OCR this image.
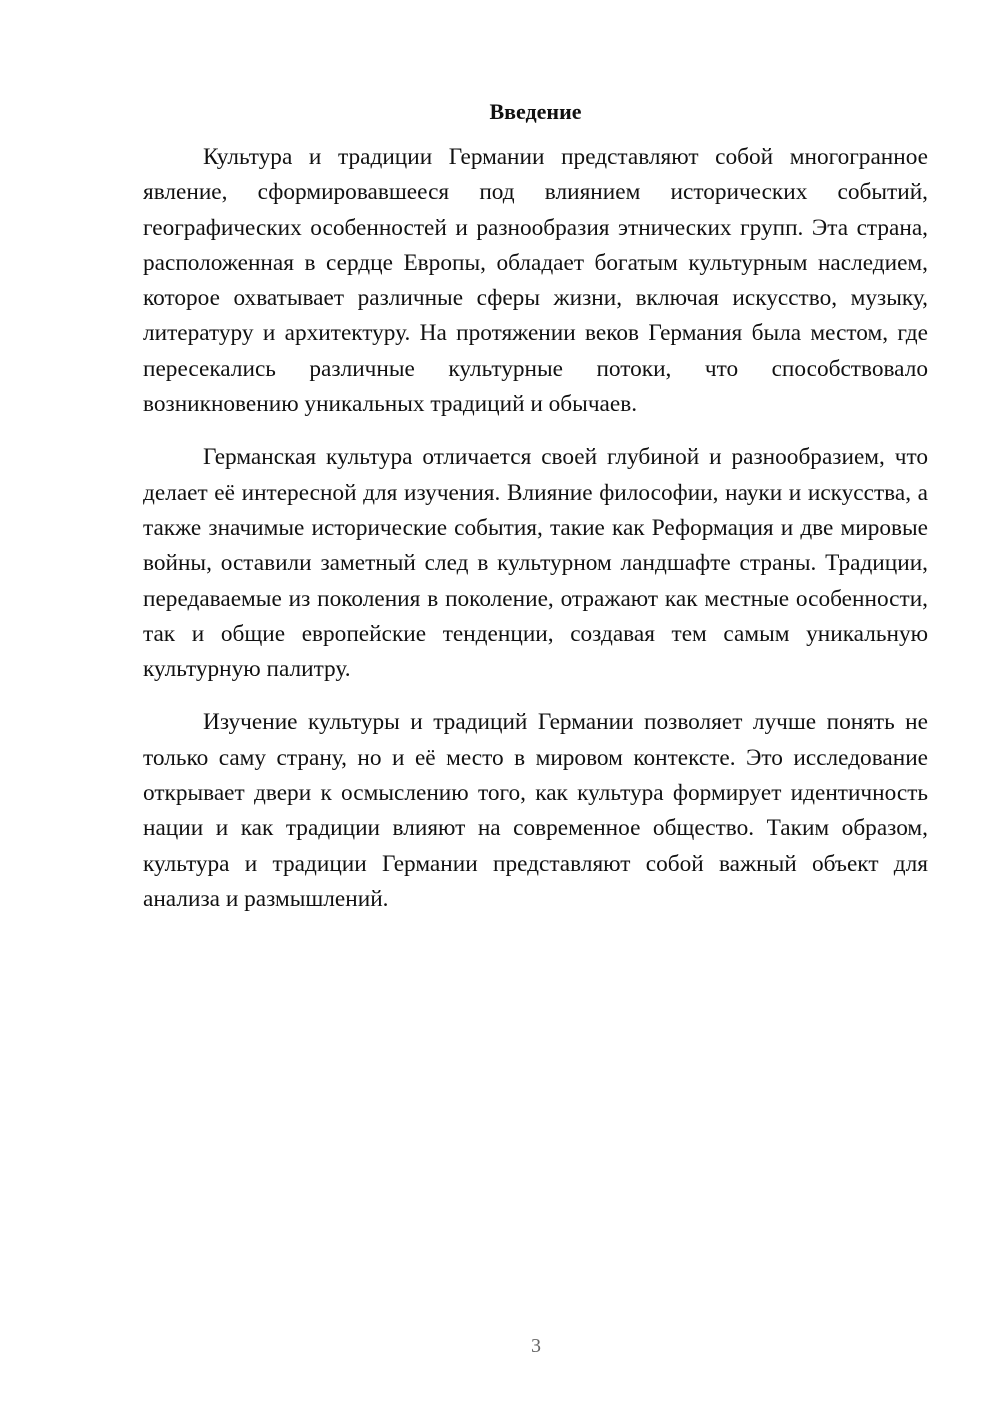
Введение

Культура и традиции Германии представляют собой многогранное явление, сформировавшееся под влиянием исторических событий, географических особенностей и разнообразия этнических групп. Эта страна, расположенная в сердце Европы, обладает богатым культурным наследием, которое охватывает различные сферы жизни, включая искусство, музыку, литературу и архитектуру. На протяжении веков Германия была местом, где пересекались различные культурные потоки, что способствовало возникновению уникальных традиций и обычаев.

Германская культура отличается своей глубиной и разнообразием, что делает её интересной для изучения. Влияние философии, науки и искусства, а также значимые исторические события, такие как Реформация и две мировые войны, оставили заметный след в культурном ландшафте страны. Традиции, передаваемые из поколения в поколение, отражают как местные особенности, так и общие европейские тенденции, создавая тем самым уникальную культурную палитру.

Изучение культуры и традиций Германии позволяет лучше понять не только саму страну, но и её место в мировом контексте. Это исследование открывает двери к осмыслению того, как культура формирует идентичность нации и как традиции влияют на современное общество. Таким образом, культура и традиции Германии представляют собой важный объект для анализа и размышлений.

3
